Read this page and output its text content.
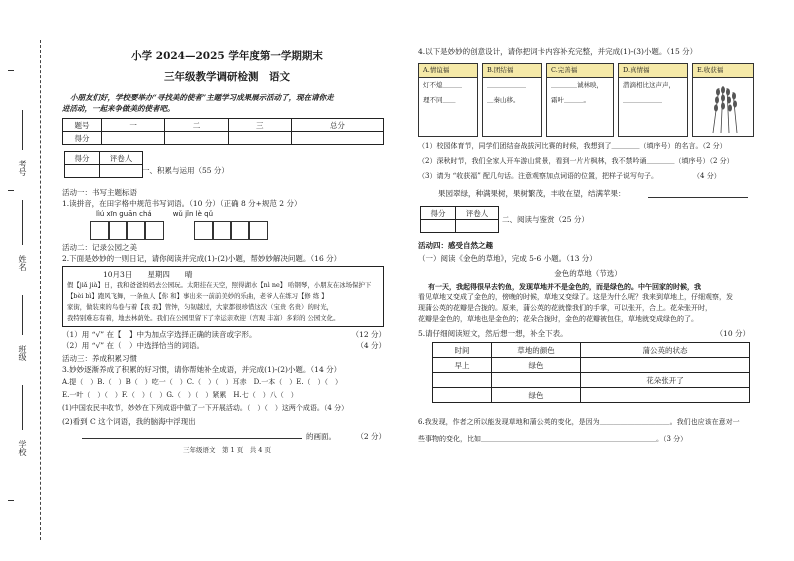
考号
姓名
班级
学校
小学 2024—2025 学年度第一学期期末
三年级教学调研检测　语文
小朋友们好，学校要举办“寻找美的使者”主题学习成果展示活动了，现在请你走
进活动，一起来争做美的使者吧。
题号	一	二	三	总分
得分				
得分	评卷人

一、积累与运用（55 分）
活动一：书写主题标语
1.读拼音，在田字格中规范书写词语。（10 分）（正确 8 分+规范 2 分）
lìú xīn guān chá　　　wǔ jǐn lè qǔ
活动二：记录公园之美
2.下面是妙妙的一则日记，请你阅读并完成(1)-(2)小题，帮妙妙解决问题。（16 分）
10月3日　　星期四　　晴
假【jiǎ jià】日，我和爸爸妈妈去公园玩。太阳挂在天空，照得湖水【nì ne】 哈钢琴，小朋友在冰场保护下
【bèi bì】跑风飞舞，一条鱼人【你 和】事出来一前前美妙的乐曲，老爷人在练习【修 练 】
家街，做装束的鸟卷与着【我 我】管钟，匀韧越过，大家都很珍惜这次（宝贵 名贵）的时光，
我特别难忘有着，地去林荫处。我们在公园里留下了幸运亲欢迎（宫观 丰富）多彩的 公园文化。
（1）用 “√” 在【　】中为加点字选择正确的读音或字形。	（12 分）
（2）用 “√” 在（　）中选择恰当的词语。	（4 分）
活动三：养成积累习惯
3.妙妙逐渐养成了积累的好习惯，请你帮她补全成语，并完成(1)-(2)小题。（14 分）
A.提（　）B.（　）B（　）吃一（　）C.（　）（　）耳赤　D.一本（　）E.（　）（　）
E.一叶（　）（　）F.（　）（　）G.（　）（　）紧累　H.七（　）八（　）
(1)中国农民丰收节，妙妙在下列成语中做了一下开展活动。（　）（　）这两个成语。（4 分）
(2)看到 C 这个词语，我的脑海中浮现出
的画面。	（2 分）
三年级语文　第 1 页　共 4 页
4.以下是妙妙的创意设计，请你把词卡内容补充完整，并完成(1)-(3)小题。（15 分）
A.情谊福
灯不熄＿＿＿
理不同＿＿
B.团结福
＿＿＿＿＿＿
＿秦山移。
C.完善福
＿＿＿＿诚林映，
霜叶＿＿＿。
D.真情福
潜滴相比这声声，
＿＿＿＿＿＿
E.收获福
（1）校园体育节，同学们团结奋战拔河比赛的时候，我想到了＿＿＿＿（填序号）的名言。（2 分）
（2）深秋时节，我们全家人开车游山赏景，看到一片片枫林，我不禁吟诵＿＿＿＿（填序号）（2 分）
（3）请为 “收获福” 配几句话。注意观察加点词语的位置，把样子说写句子。　　　　　　（4 分）
果园翠绿，种满果树，果树繁茂，丰收在望，结满苹果：
得分	评卷人

二、阅读与鉴赏（25 分）
活动四：感受自然之趣
（一）阅读《金色的草地》，完成 5-6 小题。（13 分）
金色的草地（节选）
有一天，我起得很早去钓鱼，发现草地并不是金色的，而是绿色的。中午回家的时候，我
看见草地又变成了金色的，傍晚的时候，草地又变绿了。这是为什么呢？我来到草地上，仔细观察，发
现蒲公英的花瓣是合拢的。原来，蒲公英的花就像我们的手掌，可以张开，合上。花朵张开时，
花瓣是金色的，草地也是金色的；花朵合拢时，金色的花瓣被包住，草地就变成绿色的了。
5.请仔细阅读短文，然后想一想，补全下表。	（10 分）
时间	草地的颜色	蒲公英的状态
早上	绿色	
		花朵张开了
	绿色	
6.我发现，作者之所以能发现草地和蒲公英的变化，是因为＿＿＿＿＿＿＿＿＿＿。我们也应该在意对一
些事物的变化，比如＿＿＿＿＿＿＿＿＿＿＿＿＿＿＿＿＿＿＿＿＿＿＿＿＿。（3 分）
